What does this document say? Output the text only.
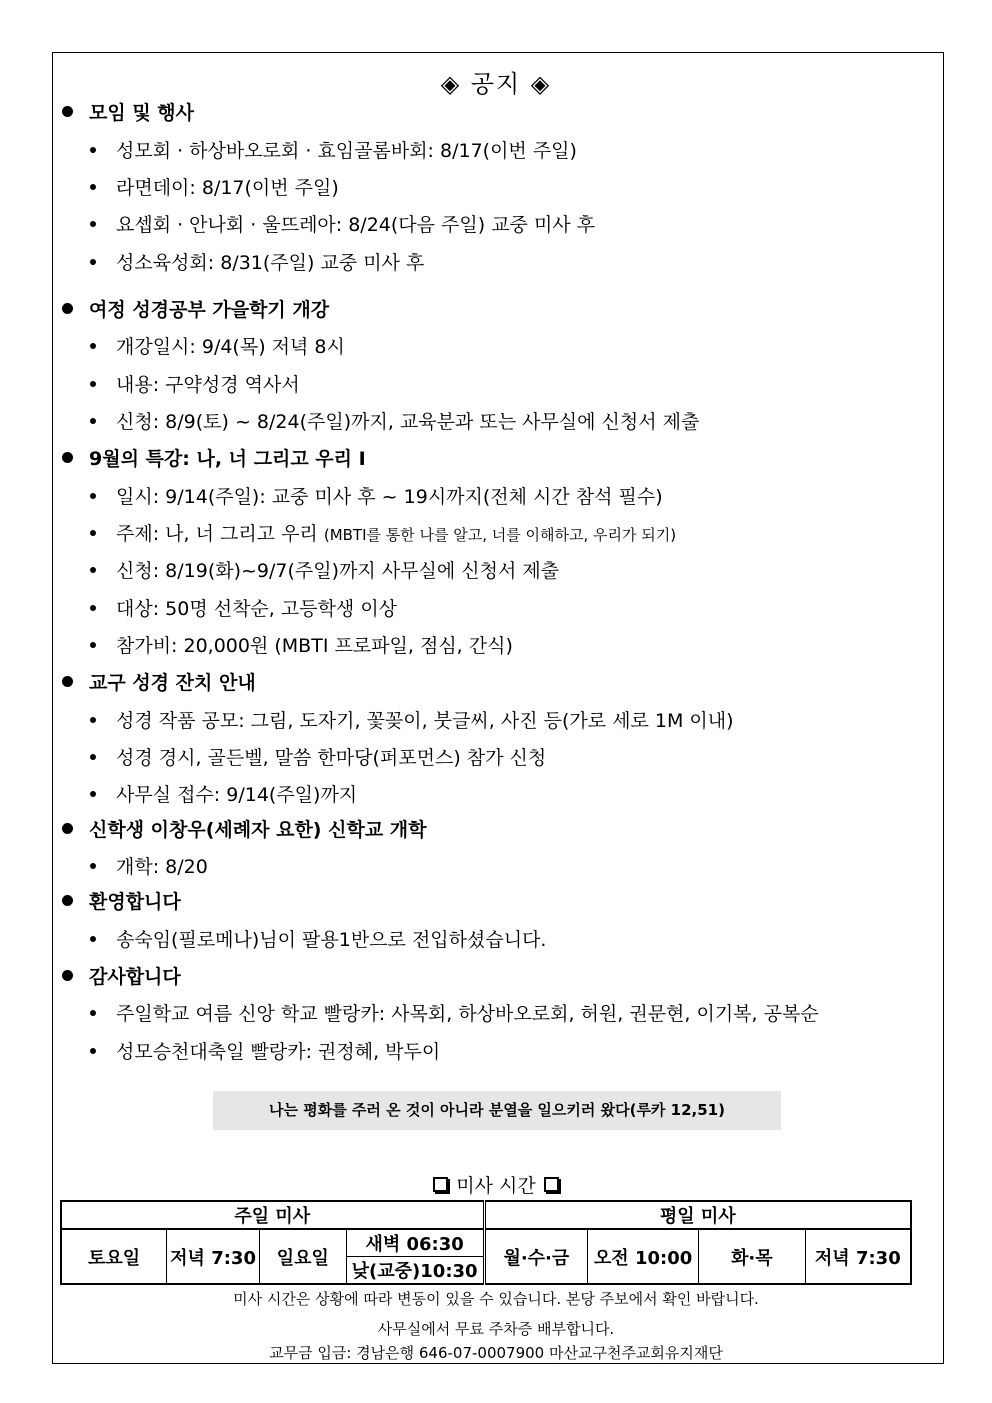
◈ 공지 ◈
모임 및 행사
성모회 · 하상바오로회 · 효임골롬바회: 8/17(이번 주일)
라면데이: 8/17(이번 주일)
요셉회 · 안나회 · 울뜨레아: 8/24(다음 주일) 교중 미사 후
성소육성회: 8/31(주일) 교중 미사 후
여정 성경공부 가을학기 개강
개강일시: 9/4(목) 저녁 8시
내용: 구약성경 역사서
신청: 8/9(토) ~ 8/24(주일)까지, 교육분과 또는 사무실에 신청서 제출
9월의 특강: 나, 너 그리고 우리 Ⅰ
일시: 9/14(주일): 교중 미사 후 ~ 19시까지(전체 시간 참석 필수)
주제: 나, 너 그리고 우리 (MBTI를 통한 나를 알고, 너를 이해하고, 우리가 되기)
신청: 8/19(화)~9/7(주일)까지 사무실에 신청서 제출
대상: 50명 선착순, 고등학생 이상
참가비: 20,000원 (MBTI 프로파일, 점심, 간식)
교구 성경 잔치 안내
성경 작품 공모: 그림, 도자기, 꽃꽂이, 붓글씨, 사진 등(가로 세로 1M 이내)
성경 경시, 골든벨, 말씀 한마당(퍼포먼스) 참가 신청
사무실 접수: 9/14(주일)까지
신학생 이창우(세례자 요한) 신학교 개학
개학: 8/20
환영합니다
송숙임(필로메나)님이 팔용1반으로 전입하셨습니다.
감사합니다
주일학교 여름 신앙 학교 빨랑카: 사목회, 하상바오로회, 허원, 권문현, 이기복, 공복순
성모승천대축일 빨랑카: 권정혜, 박두이
나는 평화를 주러 온 것이 아니라 분열을 일으키러 왔다(루카 12,51)
미사 시간
주일 미사				평일 미사			
토요일	저녁 7:30	일요일	새벽 06:30	월·수·금	오전 10:00	화·목	저녁 7:30
			낮(교중)10:30				
미사 시간은 상황에 따라 변동이 있을 수 있습니다. 본당 주보에서 확인 바랍니다.
사무실에서 무료 주차증 배부합니다.
교무금 입금: 경남은행 646-07-0007900 마산교구천주교회유지재단
